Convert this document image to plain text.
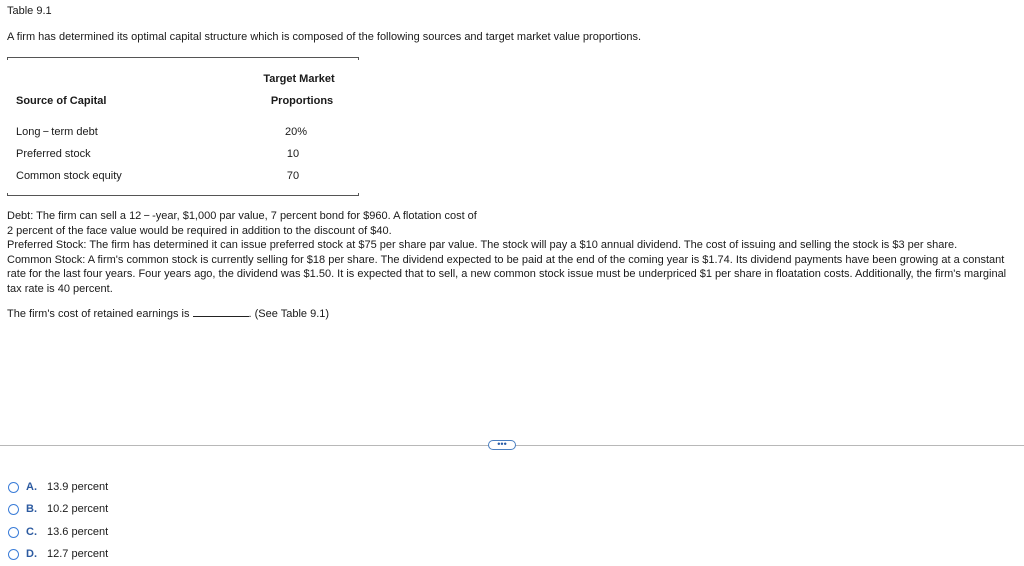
Table 9.1
A firm has determined its optimal capital structure which is composed of the following sources and target market value proportions.
Target Market
Source of Capital	Proportions
Long − term debt	20%
Preferred stock	10
Common stock equity	70

Debt: The firm can sell a 12 − -year, $1,000 par value, 7 percent bond for $960. A flotation cost of

2 percent of the face value would be required in addition to the discount of $40.

Preferred Stock: The firm has determined it can issue preferred stock at $75 per share par value. The stock will pay a $10 annual dividend. The cost of issuing and selling the stock is $3 per share.

Common Stock: A firm's common stock is currently selling for $18 per share. The dividend expected to be paid at the end of the coming year is $1.74. Its dividend payments have been growing at a constant rate for the last four years. Four years ago, the dividend was $1.50. It is expected that to sell, a new common stock issue must be underpriced $1 per share in floatation costs. Additionally, the firm's marginal tax rate is 40 percent.

The firm's cost of retained earnings is	. (See Table 9.1)
•••
A. 13.9 percent
B. 10.2 percent
C. 13.6 percent
D. 12.7 percent
